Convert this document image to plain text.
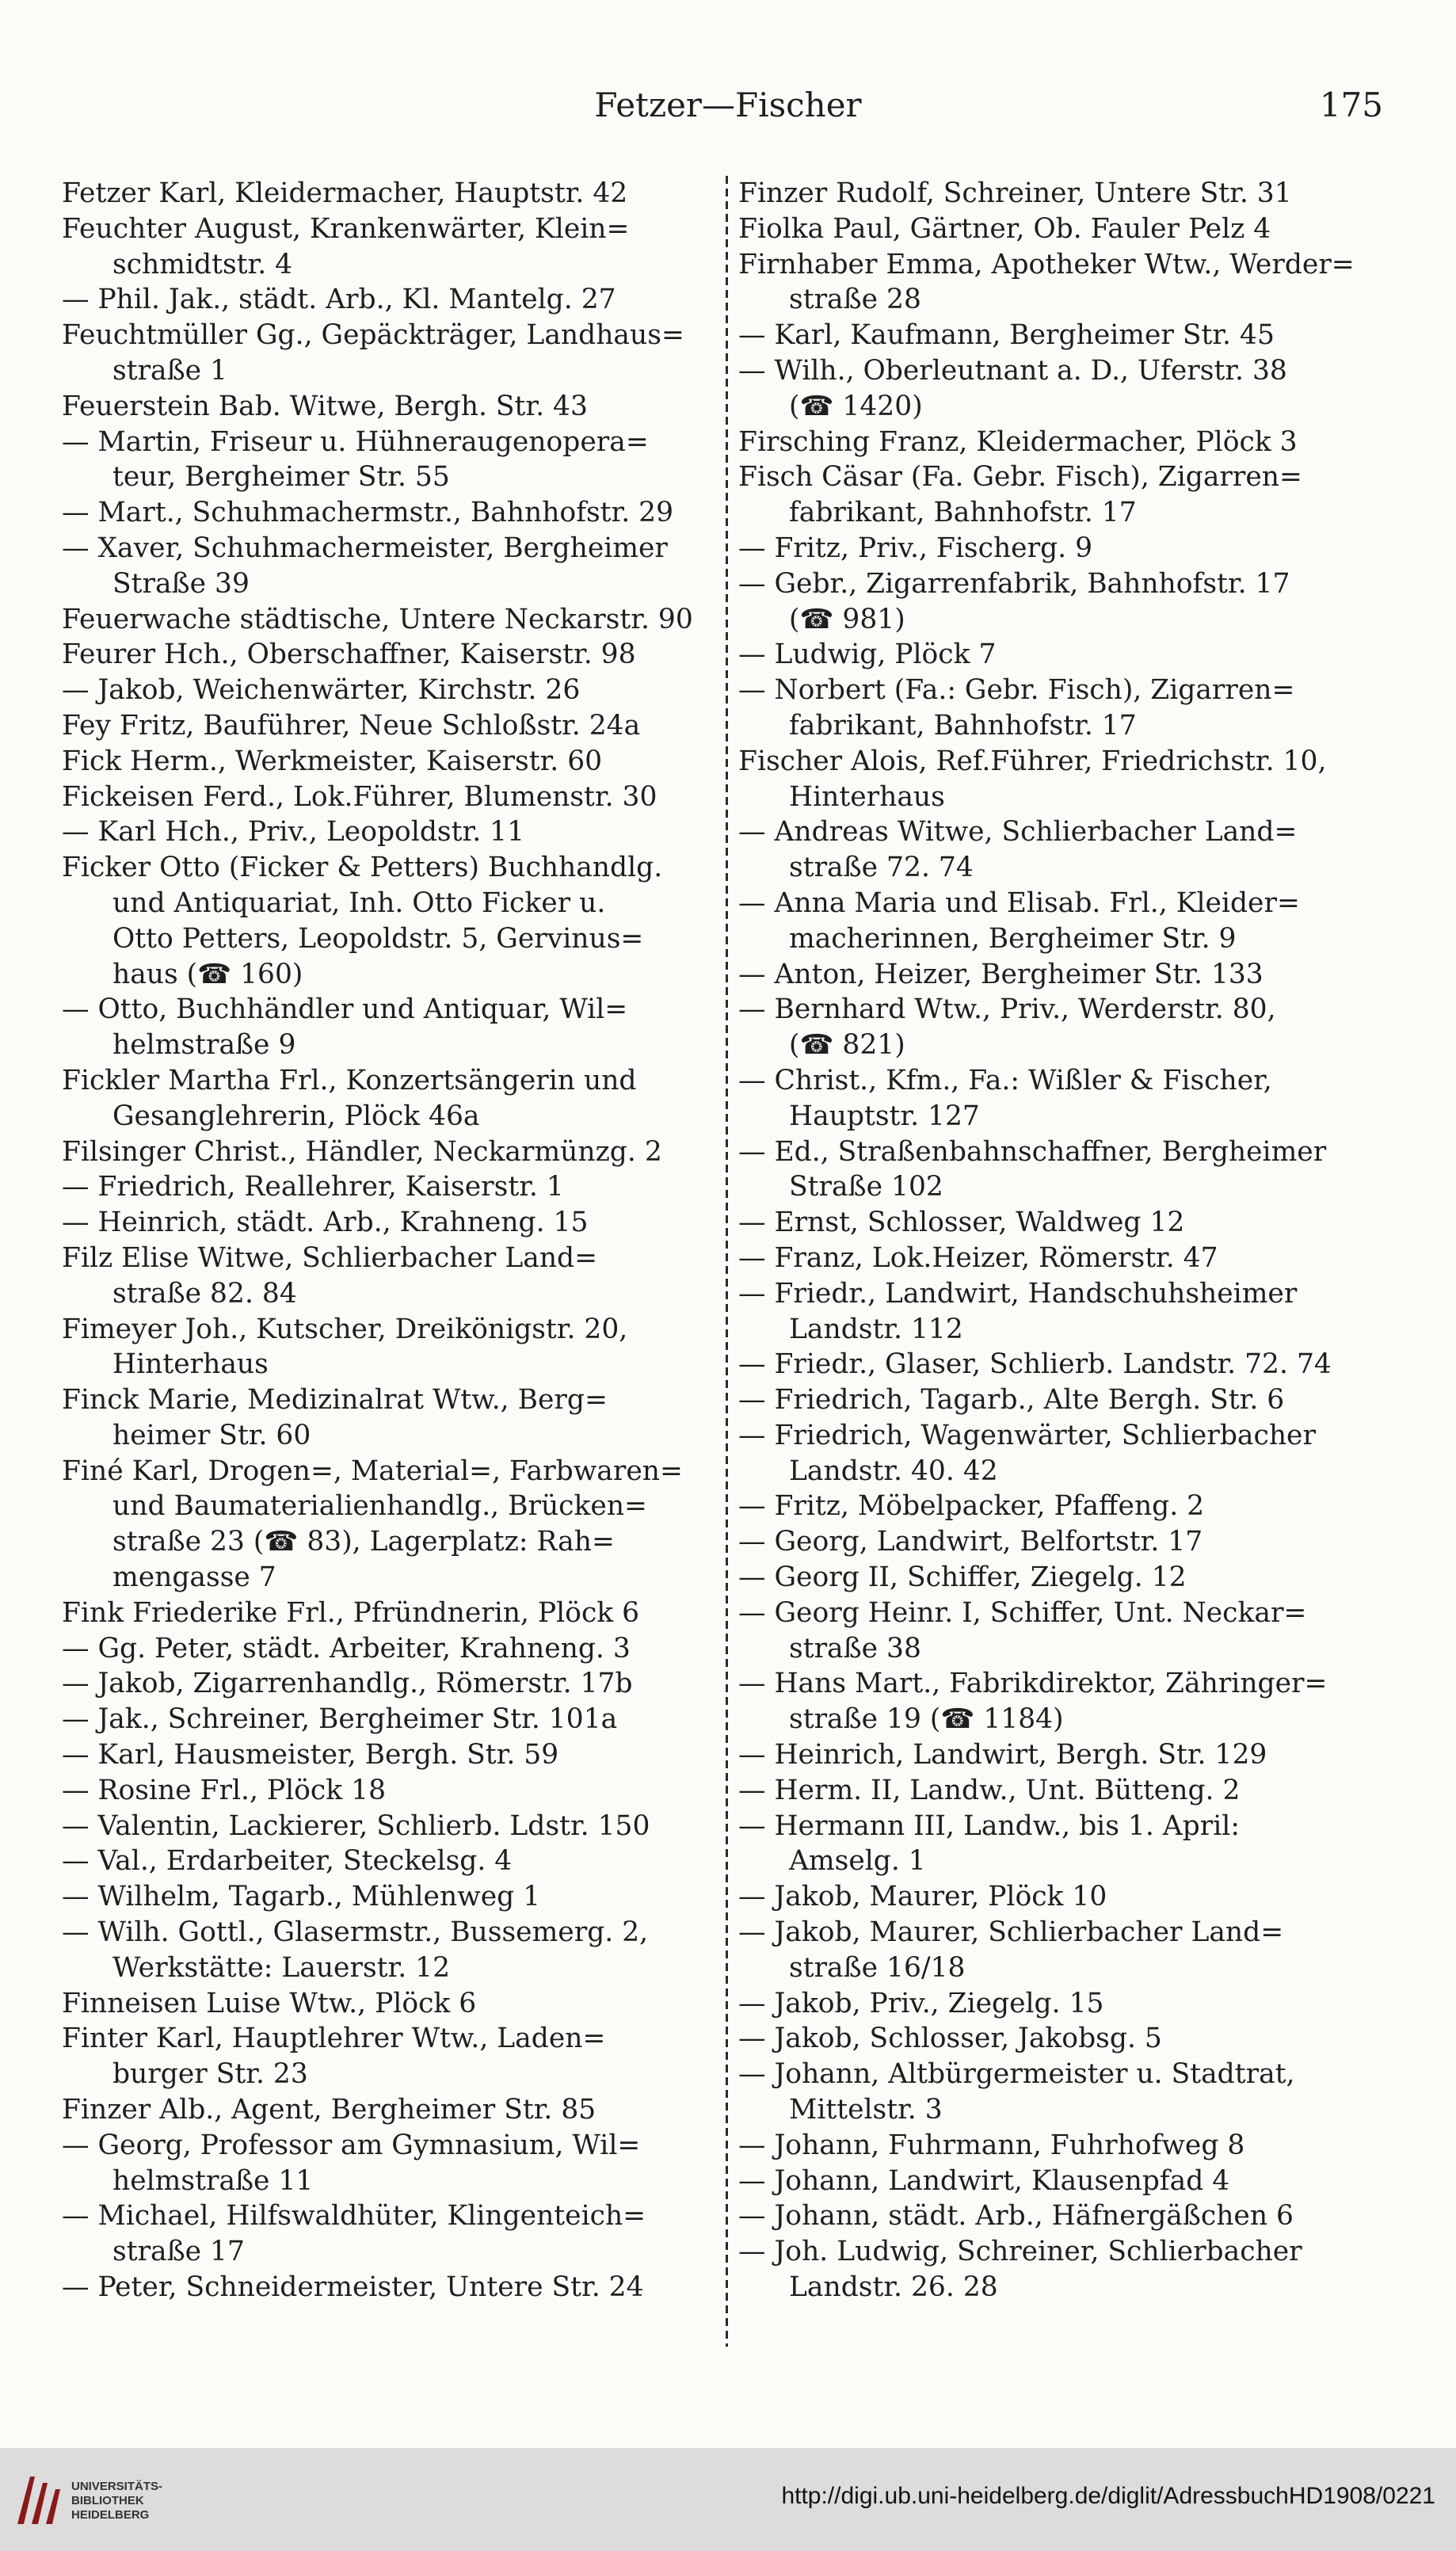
Fetzer—Fischer	175
Fetzer Karl, Kleidermacher, Hauptstr. 42
Feuchter August, Krankenwärter, Klein=
schmidtstr. 4
— Phil. Jak., städt. Arb., Kl. Mantelg. 27
Feuchtmüller Gg., Gepäckträger, Landhaus=
straße 1
Feuerstein Bab. Witwe, Bergh. Str. 43
— Martin, Friseur u. Hühneraugenopera=
teur, Bergheimer Str. 55
— Mart., Schuhmachermstr., Bahnhofstr. 29
— Xaver, Schuhmachermeister, Bergheimer
Straße 39
Feuerwache städtische, Untere Neckarstr. 90
Feurer Hch., Oberschaffner, Kaiserstr. 98
— Jakob, Weichenwärter, Kirchstr. 26
Fey Fritz, Bauführer, Neue Schloßstr. 24a
Fick Herm., Werkmeister, Kaiserstr. 60
Fickeisen Ferd., Lok.Führer, Blumenstr. 30
— Karl Hch., Priv., Leopoldstr. 11
Ficker Otto (Ficker & Petters) Buchhandlg.
und Antiquariat, Inh. Otto Ficker u.
Otto Petters, Leopoldstr. 5, Gervinus=
haus (☎ 160)
— Otto, Buchhändler und Antiquar, Wil=
helmstraße 9
Fickler Martha Frl., Konzertsängerin und
Gesanglehrerin, Plöck 46a
Filsinger Christ., Händler, Neckarmünzg. 2
— Friedrich, Reallehrer, Kaiserstr. 1
— Heinrich, städt. Arb., Krahneng. 15
Filz Elise Witwe, Schlierbacher Land=
straße 82. 84
Fimeyer Joh., Kutscher, Dreikönigstr. 20,
Hinterhaus
Finck Marie, Medizinalrat Wtw., Berg=
heimer Str. 60
Finé Karl, Drogen=, Material=, Farbwaren=
und Baumaterialienhandlg., Brücken=
straße 23 (☎ 83), Lagerplatz: Rah=
mengasse 7
Fink Friederike Frl., Pfründnerin, Plöck 6
— Gg. Peter, städt. Arbeiter, Krahneng. 3
— Jakob, Zigarrenhandlg., Römerstr. 17b
— Jak., Schreiner, Bergheimer Str. 101a
— Karl, Hausmeister, Bergh. Str. 59
— Rosine Frl., Plöck 18
— Valentin, Lackierer, Schlierb. Ldstr. 150
— Val., Erdarbeiter, Steckelsg. 4
— Wilhelm, Tagarb., Mühlenweg 1
— Wilh. Gottl., Glasermstr., Bussemerg. 2,
Werkstätte: Lauerstr. 12
Finneisen Luise Wtw., Plöck 6
Finter Karl, Hauptlehrer Wtw., Laden=
burger Str. 23
Finzer Alb., Agent, Bergheimer Str. 85
— Georg, Professor am Gymnasium, Wil=
helmstraße 11
— Michael, Hilfswaldhüter, Klingenteich=
straße 17
— Peter, Schneidermeister, Untere Str. 24
Finzer Rudolf, Schreiner, Untere Str. 31
Fiolka Paul, Gärtner, Ob. Fauler Pelz 4
Firnhaber Emma, Apotheker Wtw., Werder=
straße 28
— Karl, Kaufmann, Bergheimer Str. 45
— Wilh., Oberleutnant a. D., Uferstr. 38
(☎ 1420)
Firsching Franz, Kleidermacher, Plöck 3
Fisch Cäsar (Fa. Gebr. Fisch), Zigarren=
fabrikant, Bahnhofstr. 17
— Fritz, Priv., Fischerg. 9
— Gebr., Zigarrenfabrik, Bahnhofstr. 17
(☎ 981)
— Ludwig, Plöck 7
— Norbert (Fa.: Gebr. Fisch), Zigarren=
fabrikant, Bahnhofstr. 17
Fischer Alois, Ref.Führer, Friedrichstr. 10,
Hinterhaus
— Andreas Witwe, Schlierbacher Land=
straße 72. 74
— Anna Maria und Elisab. Frl., Kleider=
macherinnen, Bergheimer Str. 9
— Anton, Heizer, Bergheimer Str. 133
— Bernhard Wtw., Priv., Werderstr. 80,
(☎ 821)
— Christ., Kfm., Fa.: Wißler & Fischer,
Hauptstr. 127
— Ed., Straßenbahnschaffner, Bergheimer
Straße 102
— Ernst, Schlosser, Waldweg 12
— Franz, Lok.Heizer, Römerstr. 47
— Friedr., Landwirt, Handschuhsheimer
Landstr. 112
— Friedr., Glaser, Schlierb. Landstr. 72. 74
— Friedrich, Tagarb., Alte Bergh. Str. 6
— Friedrich, Wagenwärter, Schlierbacher
Landstr. 40. 42
— Fritz, Möbelpacker, Pfaffeng. 2
— Georg, Landwirt, Belfortstr. 17
— Georg II, Schiffer, Ziegelg. 12
— Georg Heinr. I, Schiffer, Unt. Neckar=
straße 38
— Hans Mart., Fabrikdirektor, Zähringer=
straße 19 (☎ 1184)
— Heinrich, Landwirt, Bergh. Str. 129
— Herm. II, Landw., Unt. Bütteng. 2
— Hermann III, Landw., bis 1. April:
Amselg. 1
— Jakob, Maurer, Plöck 10
— Jakob, Maurer, Schlierbacher Land=
straße 16/18
— Jakob, Priv., Ziegelg. 15
— Jakob, Schlosser, Jakobsg. 5
— Johann, Altbürgermeister u. Stadtrat,
Mittelstr. 3
— Johann, Fuhrmann, Fuhrhofweg 8
— Johann, Landwirt, Klausenpfad 4
— Johann, städt. Arb., Häfnergäßchen 6
— Joh. Ludwig, Schreiner, Schlierbacher
Landstr. 26. 28
UNIVERSITÄTS-
BIBLIOTHEK
HEIDELBERG
http://digi.ub.uni-heidelberg.de/diglit/AdressbuchHD1908/0221
